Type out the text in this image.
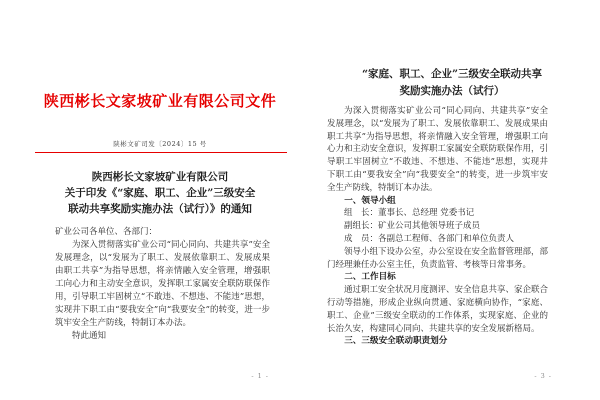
陕西彬长文家坡矿业有限公司文件
陕彬文矿司发〔2024〕15 号
陕西彬长文家坡矿业有限公司
关于印发《“家庭、职工、企业”三级安全
联动共享奖励实施办法（试行）》的通知

矿业公司各单位、各部门：

为深入贯彻落实矿业公司“同心同向、共建共享”安全发展理念，以“发展为了职工、发展依靠职工、发展成果由职工共享”为指导思想，将亲情融入安全管理，增强职工向心力和主动安全意识，发挥职工家属安全联防联保作用，引导职工牢固树立“不敢违、不想违、不能违”思想，实现井下职工由“要我安全”向“我要安全”的转变，进一步筑牢安全生产防线，特制订本办法。

特此通知

- 1 -
“家庭、职工、企业”三级安全联动共享
奖励实施办法（试行）

为深入贯彻落实矿业公司“同心同向、共建共享”安全发展理念，以“发展为了职工、发展依靠职工、发展成果由职工共享”为指导思想，将亲情融入安全管理，增强职工向心力和主动安全意识，发挥职工家属安全联防联保作用，引导职工牢固树立“不敢违、不想违、不能违”思想，实现井下职工由“要我安全”向“我要安全”的转变，进一步筑牢安全生产防线，特制订本办法。

一、领导小组

组　长：董事长、总经理 党委书记

副组长：矿业公司其他领导班子成员

成　员：各副总工程师、各部门和单位负责人

领导小组下设办公室，办公室设在安全监督管理部，部门经理兼任办公室主任，负责监管、考核等日常事务。

二、工作目标

通过职工安全状况月度测评、安全信息共享、家企联合行动等措施，形成企业纵向贯通、家庭横向协作，“家庭、职工、企业”三级安全联动的工作体系，实现家庭、企业的长治久安，构建同心同向、共建共享的安全发展新格局。

三、三级安全联动职责划分

- 3 -
